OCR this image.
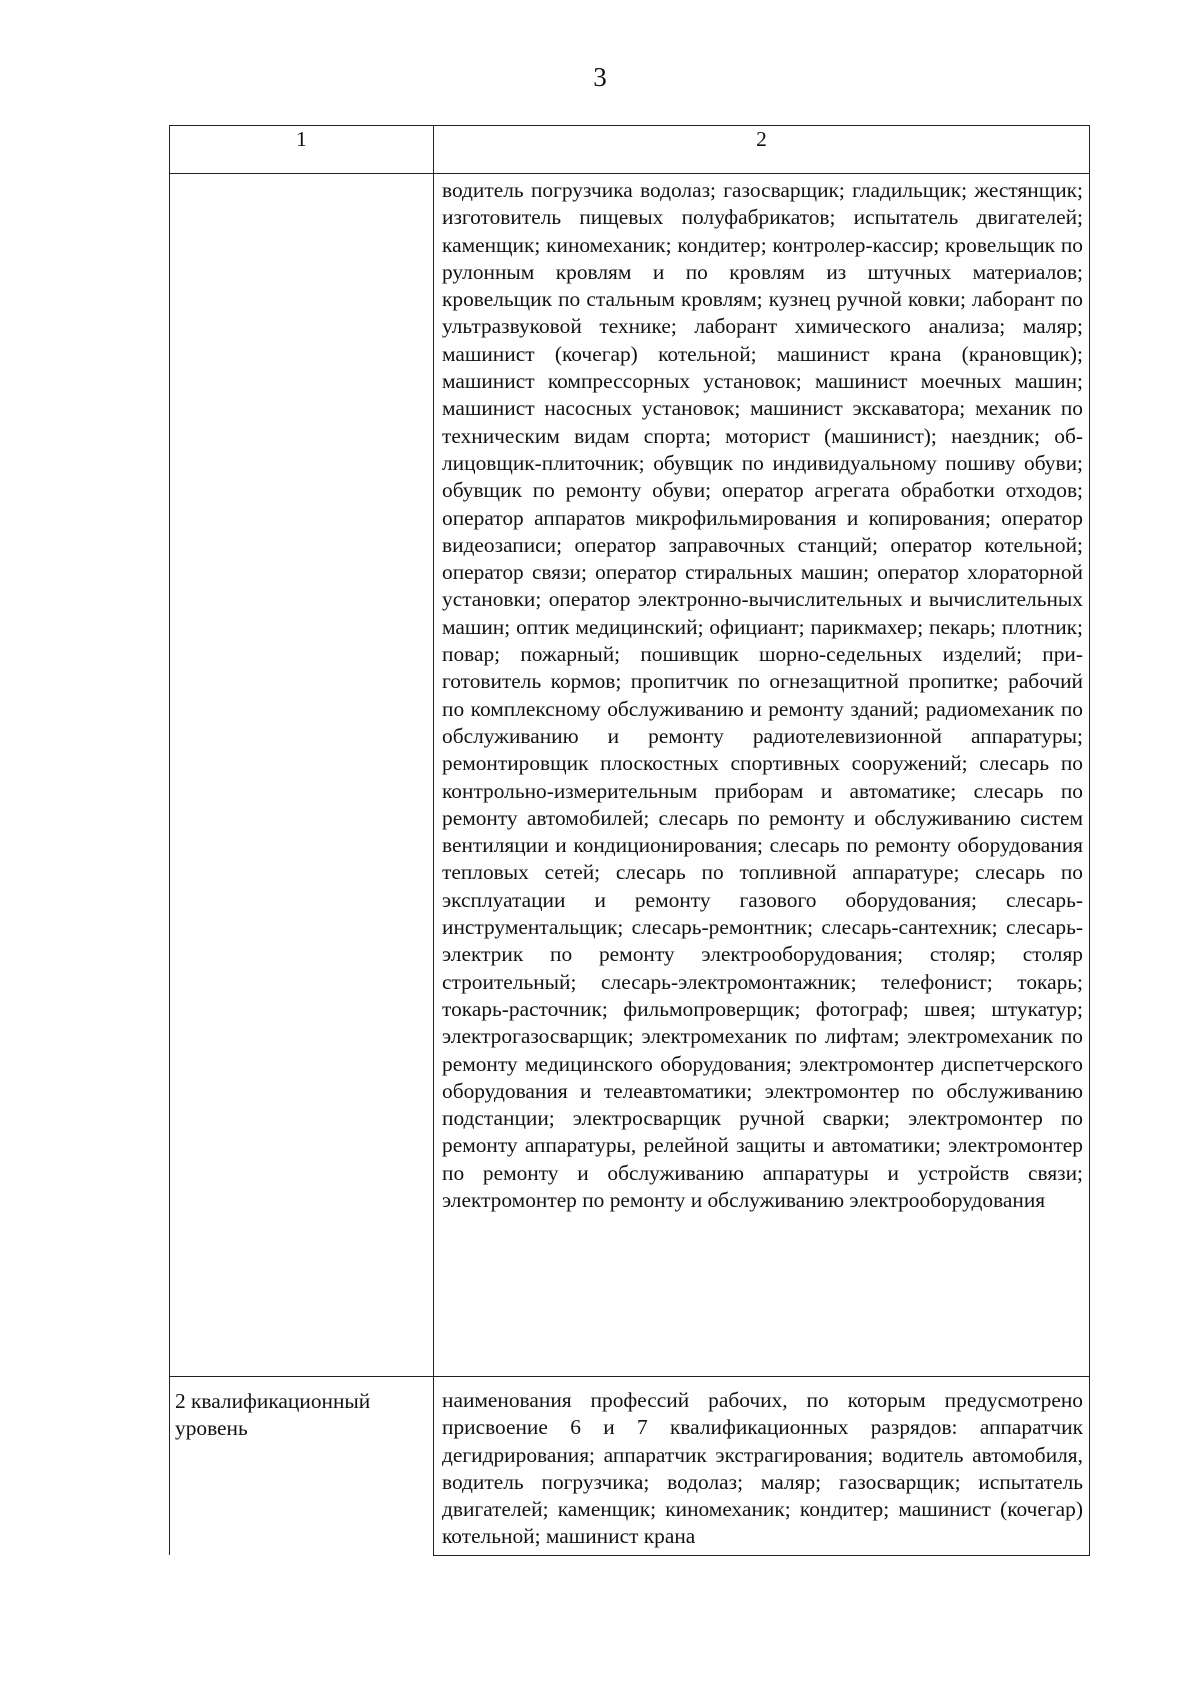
3
1	2
	водитель погрузчика водолаз; газосварщик; гладильщик; жестянщик; изготовитель пищевых полуфабрикатов; испытатель двигателей; каменщик; киномеханик; кондитер; контролер-кассир; кровельщик по рулонным кровлям и по кровлям из штучных материалов; кровельщик по стальным кровлям; кузнец ручной ковки; лаборант по ультразвуковой технике; лаборант химического анализа; маляр; машинист (кочегар) котельной; машинист крана (крановщик); машинист компрессорных установок; машинист моечных машин; машинист насосных установок; машинист экскаватора; механик по техническим видам спорта; моторист (машинист); наездник; облицовщик-плиточник; обувщик по индивидуальному пошиву обуви; обувщик по ремонту обуви; оператор агрегата обработки отходов; оператор аппаратов микрофильмирования и копирования; оператор видеозаписи; оператор заправочных станций; оператор котельной; оператор связи; оператор стиральных машин; оператор хлораторной установки; оператор электронно-вычислительных и вычислительных машин; оптик медицинский; официант; парикмахер; пекарь; плотник; повар; пожарный; пошивщик шорно-седельных изделий; приготовитель кормов; пропитчик по огнезащитной пропитке; рабочий по комплексному обслуживанию и ремонту зданий; радиомеханик по обслуживанию и ремонту радиотелевизионной аппаратуры; ремонтировщик плоскостных спортивных сооружений; слесарь по контрольно-измерительным приборам и автоматике; слесарь по ремонту автомобилей; слесарь по ремонту и обслуживанию систем вентиляции и кондиционирования; слесарь по ремонту оборудования тепловых сетей; слесарь по топливной аппаратуре; слесарь по эксплуатации и ремонту газового оборудования; слесарь-инструментальщик; слесарь-ремонтник; слесарь-сантехник; слесарь-электрик по ремонту электрооборудования; столяр; столяр строительный; слесарь-электромонтажник; телефонист; токарь; токарь-расточник; фильмопроверщик; фотограф; швея; штукатур; электрогазосварщик; электромеханик по лифтам; электромеханик по ремонту медицинского оборудования; электромонтер диспетчерского оборудования и телеавтоматики; электромонтер по обслуживанию подстанции; электросварщик ручной сварки; электромонтер по ремонту аппаратуры, релейной защиты и автоматики; электромонтер по ремонту и обслуживанию аппаратуры и устройств связи; электромонтер по ремонту и обслуживанию электрооборудования
2 квалификационный уровень	наименования профессий рабочих, по которым предусмотрено присвоение 6 и 7 квалификационных разрядов: аппаратчик дегидрирования; аппаратчик экстрагирования; водитель автомобиля, водитель погрузчика; водолаз; маляр; газосварщик; испытатель двигателей; каменщик; киномеханик; кондитер; машинист (кочегар) котельной; машинист крана
